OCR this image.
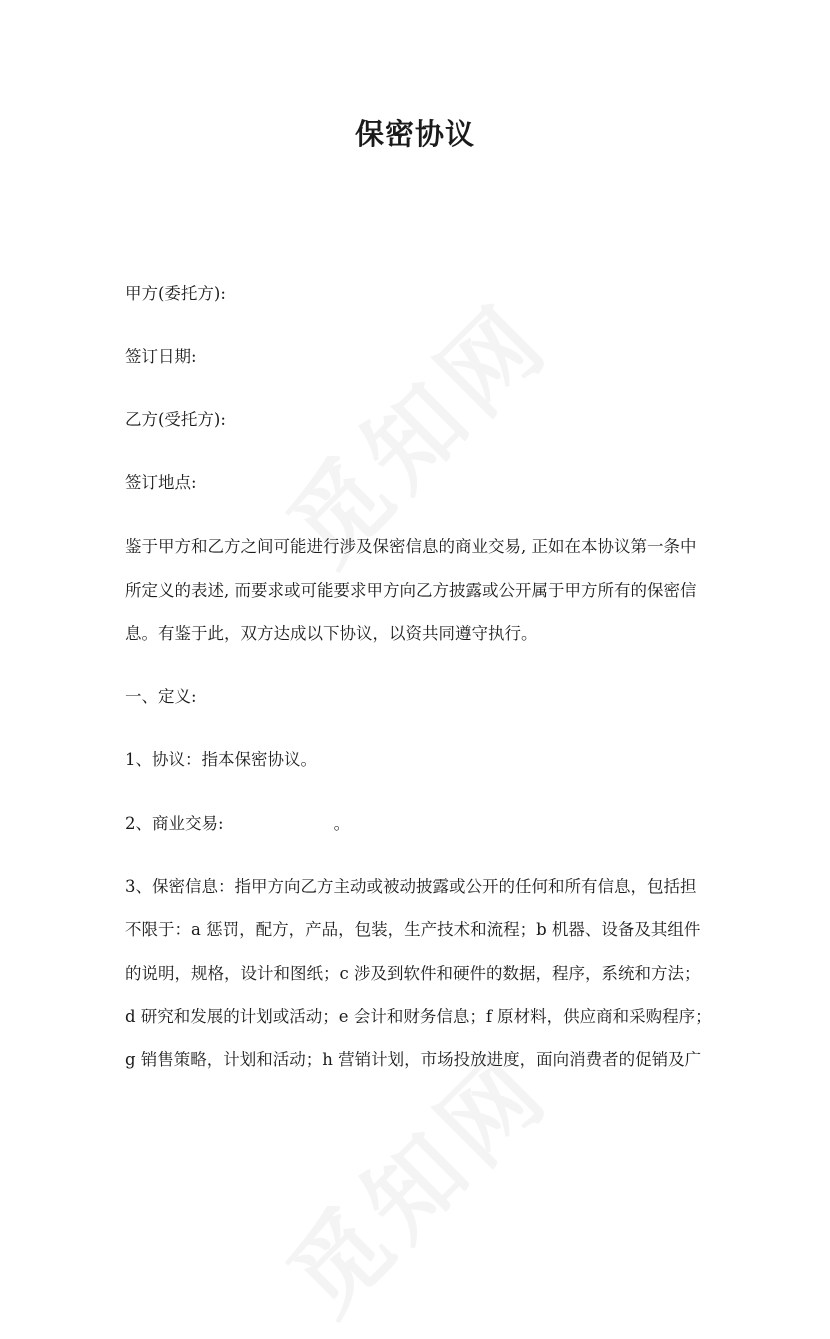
保密协议

甲方(委托方):

签订日期:

乙方(受托方):

签订地点:

鉴于甲方和乙方之间可能进行涉及保密信息的商业交易, 正如在本协议第一条中

所定义的表述, 而要求或可能要求甲方向乙方披露或公开属于甲方所有的保密信

息。有鉴于此，双方达成以下协议，以资共同遵守执行。

一、定义:

1、协议：指本保密协议。

2、商业交易:	。

3、保密信息：指甲方向乙方主动或被动披露或公开的任何和所有信息，包括担

不限于：a 惩罚，配方，产品，包装，生产技术和流程；b 机器、设备及其组件

的说明，规格，设计和图纸；c 涉及到软件和硬件的数据，程序，系统和方法；

d 研究和发展的计划或活动；e 会计和财务信息；f 原材料，供应商和采购程序；

g 销售策略，计划和活动；h 营销计划，市场投放进度，面向消费者的促销及广
